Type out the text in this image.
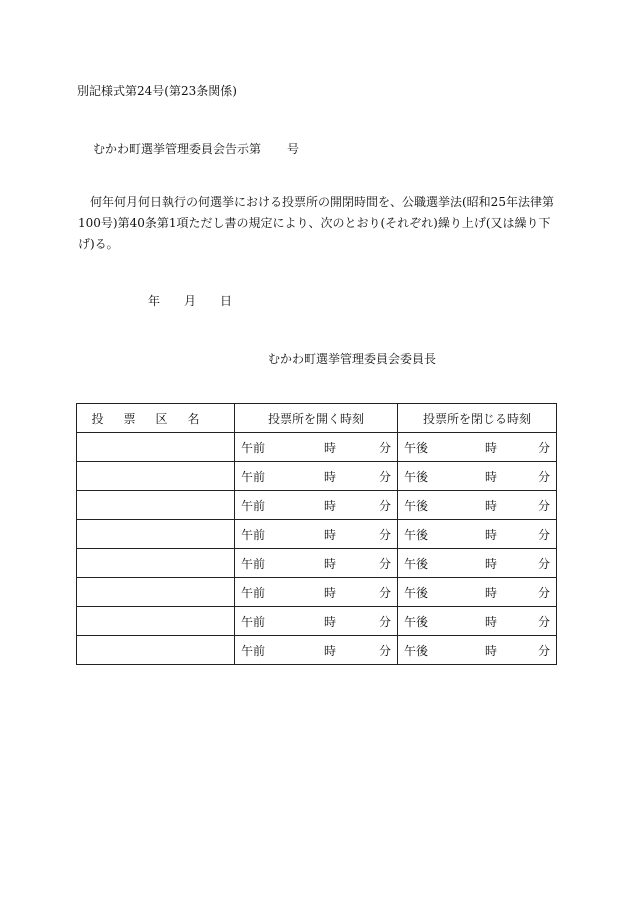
別記様式第24号(第23条関係)
むかわ町選挙管理委員会告示第 号
何年何月何日執行の何選挙における投票所の開閉時間を、公職選挙法(昭和25年法律第100号)第40条第1項ただし書の規定により、次のとおり(それぞれ)繰り上げ(又は繰り下げ)る。
年 月 日
むかわ町選挙管理委員会委員長
投票区名	投票所を開く時刻	投票所を閉じる時刻

	午前 時 分	午後 時 分

	午前 時 分	午後 時 分

	午前 時 分	午後 時 分

	午前 時 分	午後 時 分

	午前 時 分	午後 時 分

	午前 時 分	午後 時 分

	午前 時 分	午後 時 分

	午前 時 分	午後 時 分
